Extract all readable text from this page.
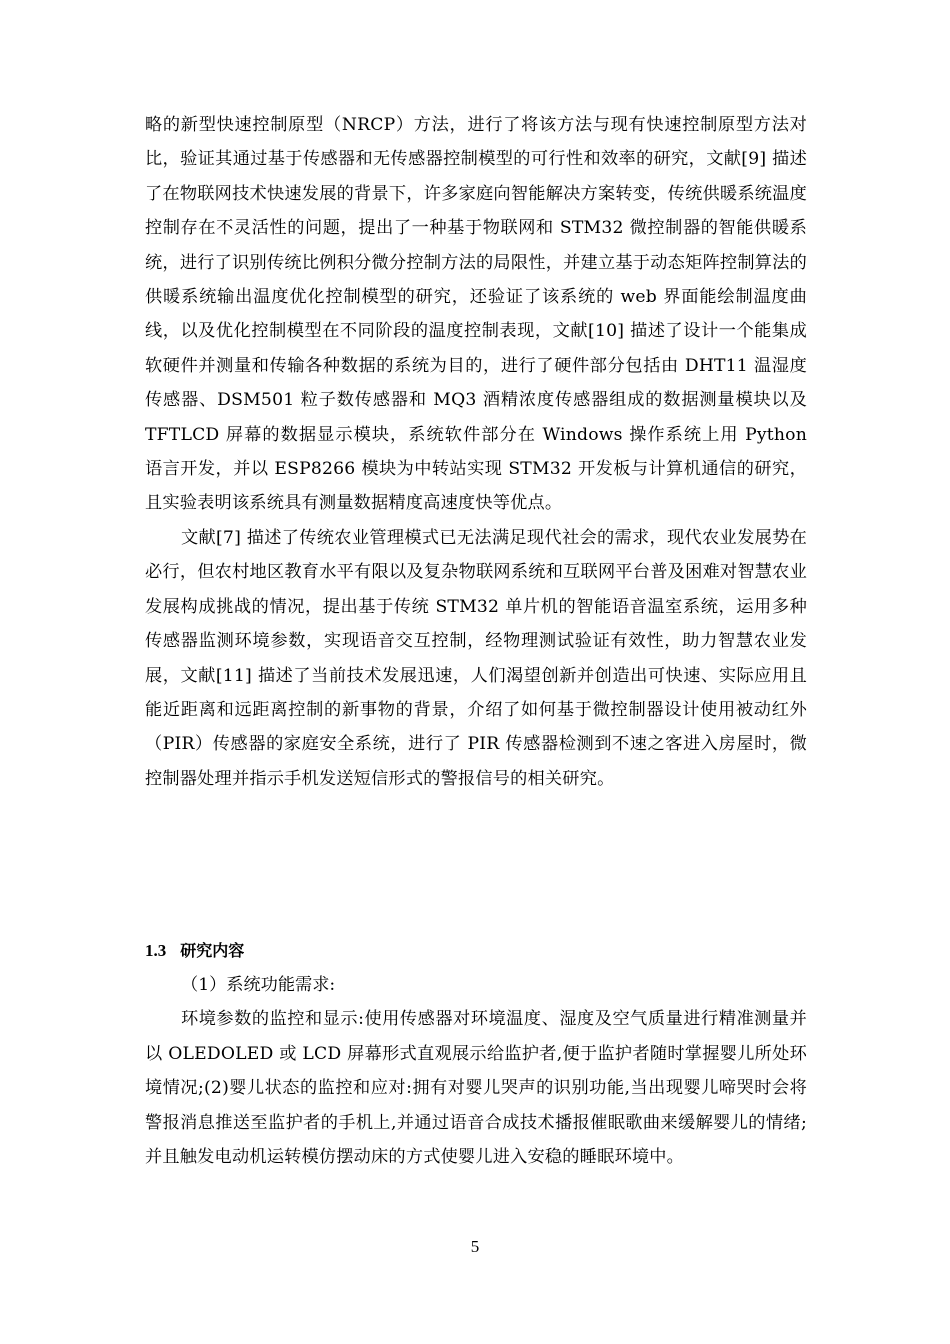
略的新型快速控制原型（NRCP）方法，进行了将该方法与现有快速控制原型方法对比，验证其通过基于传感器和无传感器控制模型的可行性和效率的研究，文献[9] 描述了在物联网技术快速发展的背景下，许多家庭向智能解决方案转变，传统供暖系统温度控制存在不灵活性的问题，提出了一种基于物联网和 STM32 微控制器的智能供暖系统，进行了识别传统比例积分微分控制方法的局限性，并建立基于动态矩阵控制算法的供暖系统输出温度优化控制模型的研究，还验证了该系统的 web 界面能绘制温度曲线，以及优化控制模型在不同阶段的温度控制表现，文献[10] 描述了设计一个能集成软硬件并测量和传输各种数据的系统为目的，进行了硬件部分包括由 DHT11 温湿度传感器、DSM501 粒子数传感器和 MQ3 酒精浓度传感器组成的数据测量模块以及 TFTLCD 屏幕的数据显示模块，系统软件部分在 Windows 操作系统上用 Python 语言开发，并以 ESP8266 模块为中转站实现 STM32 开发板与计算机通信的研究，且实验表明该系统具有测量数据精度高速度快等优点。

文献[7] 描述了传统农业管理模式已无法满足现代社会的需求，现代农业发展势在必行，但农村地区教育水平有限以及复杂物联网系统和互联网平台普及困难对智慧农业发展构成挑战的情况，提出基于传统 STM32 单片机的智能语音温室系统，运用多种传感器监测环境参数，实现语音交互控制，经物理测试验证有效性，助力智慧农业发展，文献[11] 描述了当前技术发展迅速，人们渴望创新并创造出可快速、实际应用且能近距离和远距离控制的新事物的背景，介绍了如何基于微控制器设计使用被动红外（PIR）传感器的家庭安全系统，进行了 PIR 传感器检测到不速之客进入房屋时，微控制器处理并指示手机发送短信形式的警报信号的相关研究。

1.3 研究内容

（1）系统功能需求:

环境参数的监控和显示:使用传感器对环境温度、湿度及空气质量进行精准测量并以 OLEDOLED 或 LCD 屏幕形式直观展示给监护者,便于监护者随时掌握婴儿所处环境情况;(2)婴儿状态的监控和应对:拥有对婴儿哭声的识别功能,当出现婴儿啼哭时会将警报消息推送至监护者的手机上,并通过语音合成技术播报催眠歌曲来缓解婴儿的情绪;并且触发电动机运转模仿摆动床的方式使婴儿进入安稳的睡眠环境中。

5
